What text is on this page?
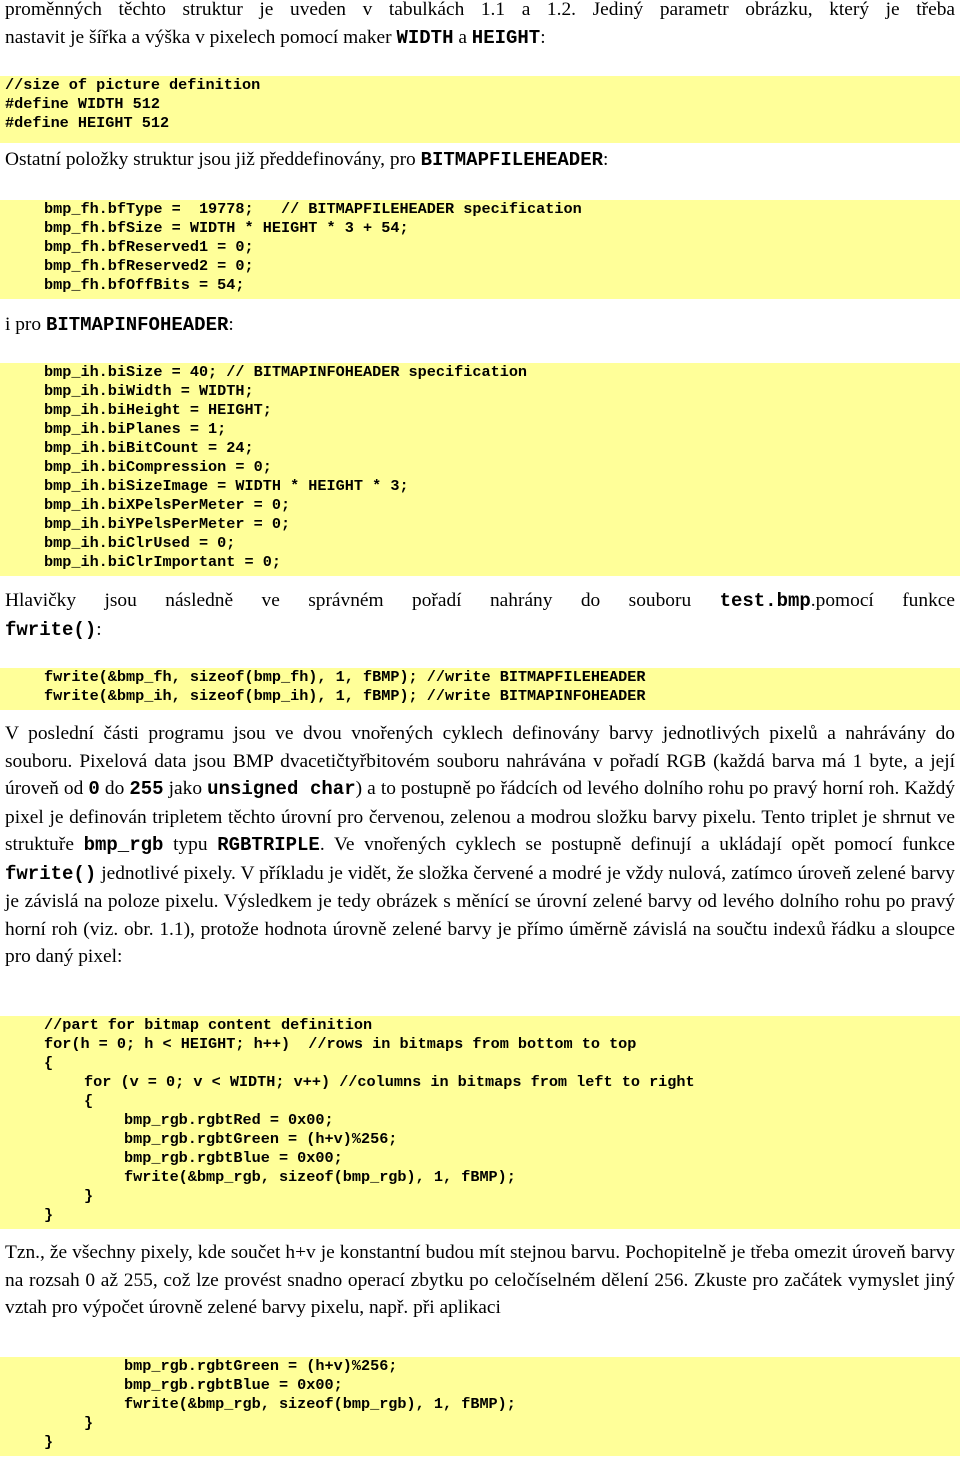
proměnných těchto struktur je uveden v tabulkách 1.1 a 1.2. Jediný parametr obrázku, který je třeba
nastavit je šířka a výška v pixelech pomocí maker WIDTH a HEIGHT:
//size of picture definition
#define WIDTH 512
#define HEIGHT 512
Ostatní položky struktur jsou již předdefinovány, pro BITMAPFILEHEADER:
bmp_fh.bfType =  19778;   // BITMAPFILEHEADER specification
bmp_fh.bfSize = WIDTH * HEIGHT * 3 + 54;
bmp_fh.bfReserved1 = 0;
bmp_fh.bfReserved2 = 0;
bmp_fh.bfOffBits = 54;
i pro BITMAPINFOHEADER:
bmp_ih.biSize = 40; // BITMAPINFOHEADER specification
bmp_ih.biWidth = WIDTH;
bmp_ih.biHeight = HEIGHT;
bmp_ih.biPlanes = 1;
bmp_ih.biBitCount = 24;
bmp_ih.biCompression = 0;
bmp_ih.biSizeImage = WIDTH * HEIGHT * 3;
bmp_ih.biXPelsPerMeter = 0;
bmp_ih.biYPelsPerMeter = 0;
bmp_ih.biClrUsed = 0;
bmp_ih.biClrImportant = 0;
Hlavičky jsou následně ve správném pořadí nahrány do souboru test.bmp.pomocí funkce
fwrite():
fwrite(&bmp_fh, sizeof(bmp_fh), 1, fBMP); //write BITMAPFILEHEADER
fwrite(&bmp_ih, sizeof(bmp_ih), 1, fBMP); //write BITMAPINFOHEADER
V poslední části programu jsou ve dvou vnořených cyklech definovány barvy jednotlivých pixelů a nahrávány do souboru. Pixelová data jsou BMP dvacetičtyřbitovém souboru nahrávána v pořadí RGB (každá barva má 1 byte, a její úroveň od 0 do 255 jako unsigned char) a to postupně po řádcích od levého dolního rohu po pravý horní roh. Každý pixel je definován tripletem těchto úrovní pro červenou, zelenou a modrou složku barvy pixelu. Tento triplet je shrnut ve struktuře bmp_rgb typu RGBTRIPLE. Ve vnořených cyklech se postupně definují a ukládají opět pomocí funkce fwrite() jednotlivé pixely. V příkladu je vidět, že složka červené a modré je vždy nulová, zatímco úroveň zelené barvy je závislá na poloze pixelu. Výsledkem je tedy obrázek s měnící se úrovní zelené barvy od levého dolního rohu po pravý horní roh (viz. obr. 1.1), protože hodnota úrovně zelené barvy je přímo úměrně závislá na součtu indexů řádku a sloupce pro daný pixel:
//part for bitmap content definition
for(h = 0; h < HEIGHT; h++)  //rows in bitmaps from bottom to top
{
for (v = 0; v < WIDTH; v++) //columns in bitmaps from left to right
{
bmp_rgb.rgbtRed = 0x00;
bmp_rgb.rgbtGreen = (h+v)%256;
bmp_rgb.rgbtBlue = 0x00;
fwrite(&bmp_rgb, sizeof(bmp_rgb), 1, fBMP);
}
}
Tzn., že všechny pixely, kde součet h+v je konstantní budou mít stejnou barvu. Pochopitelně je třeba omezit úroveň barvy na rozsah 0 až 255, což lze provést snadno operací zbytku po celočíselném dělení 256. Zkuste pro začátek vymyslet jiný vztah pro výpočet úrovně zelené barvy pixelu, např. při aplikaci
bmp_rgb.rgbtGreen = (h+v)%256;
bmp_rgb.rgbtBlue = 0x00;
fwrite(&bmp_rgb, sizeof(bmp_rgb), 1, fBMP);
}
}
